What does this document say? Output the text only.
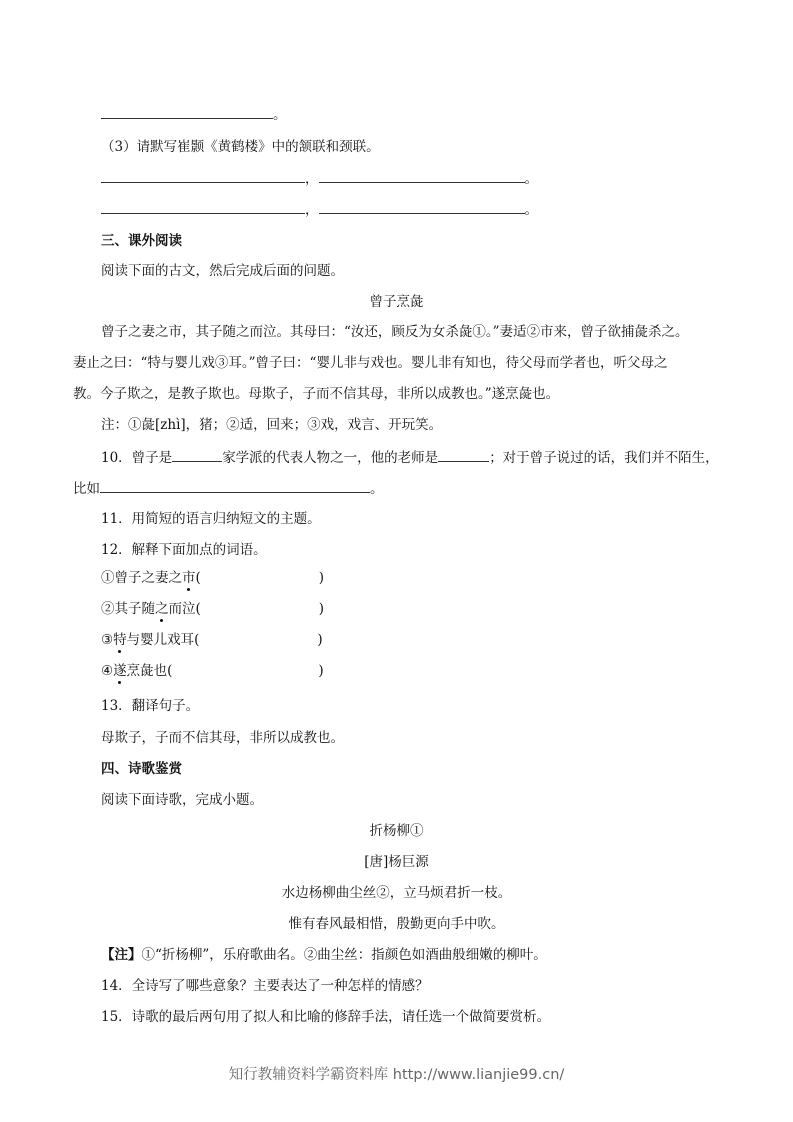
。
（3）请默写崔颢《黄鹤楼》中的颔联和颈联。
，	。
，	。
三、课外阅读
阅读下面的古文，然后完成后面的问题。
曾子烹彘
曾子之妻之市，其子随之而泣。其母曰：“汝还，顾反为女杀彘①。”妻适②市来，曾子欲捕彘杀之。
妻止之曰：“特与婴儿戏③耳。”曾子曰：“婴儿非与戏也。婴儿非有知也，待父母而学者也，听父母之
教。今子欺之，是教子欺也。母欺子，子而不信其母，非所以成教也。”遂烹彘也。
注：①彘[zhì]，猪；②适，回来；③戏，戏言、开玩笑。
10．曾子是	家学派的代表人物之一，他的老师是	；对于曾子说过的话，我们并不陌生，
比如	。
11．用简短的语言归纳短文的主题。
12．解释下面加点的词语。
①曾子之妻之市(	)
②其子随之而泣(	)
③特与婴儿戏耳(	)
④遂烹彘也(	)
13．翻译句子。
母欺子，子而不信其母，非所以成教也。
四、诗歌鉴赏
阅读下面诗歌，完成小题。
折杨柳①
[唐]杨巨源
水边杨柳曲尘丝②，立马烦君折一枝。
惟有春风最相惜，殷勤更向手中吹。
【注】①“折杨柳”，乐府歌曲名。②曲尘丝：指颜色如酒曲般细嫩的柳叶。
14．全诗写了哪些意象？主要表达了一种怎样的情感？
15．诗歌的最后两句用了拟人和比喻的修辞手法，请任选一个做简要赏析。
知行教辅资料学霸资料库 http://www.lianjie99.cn/
